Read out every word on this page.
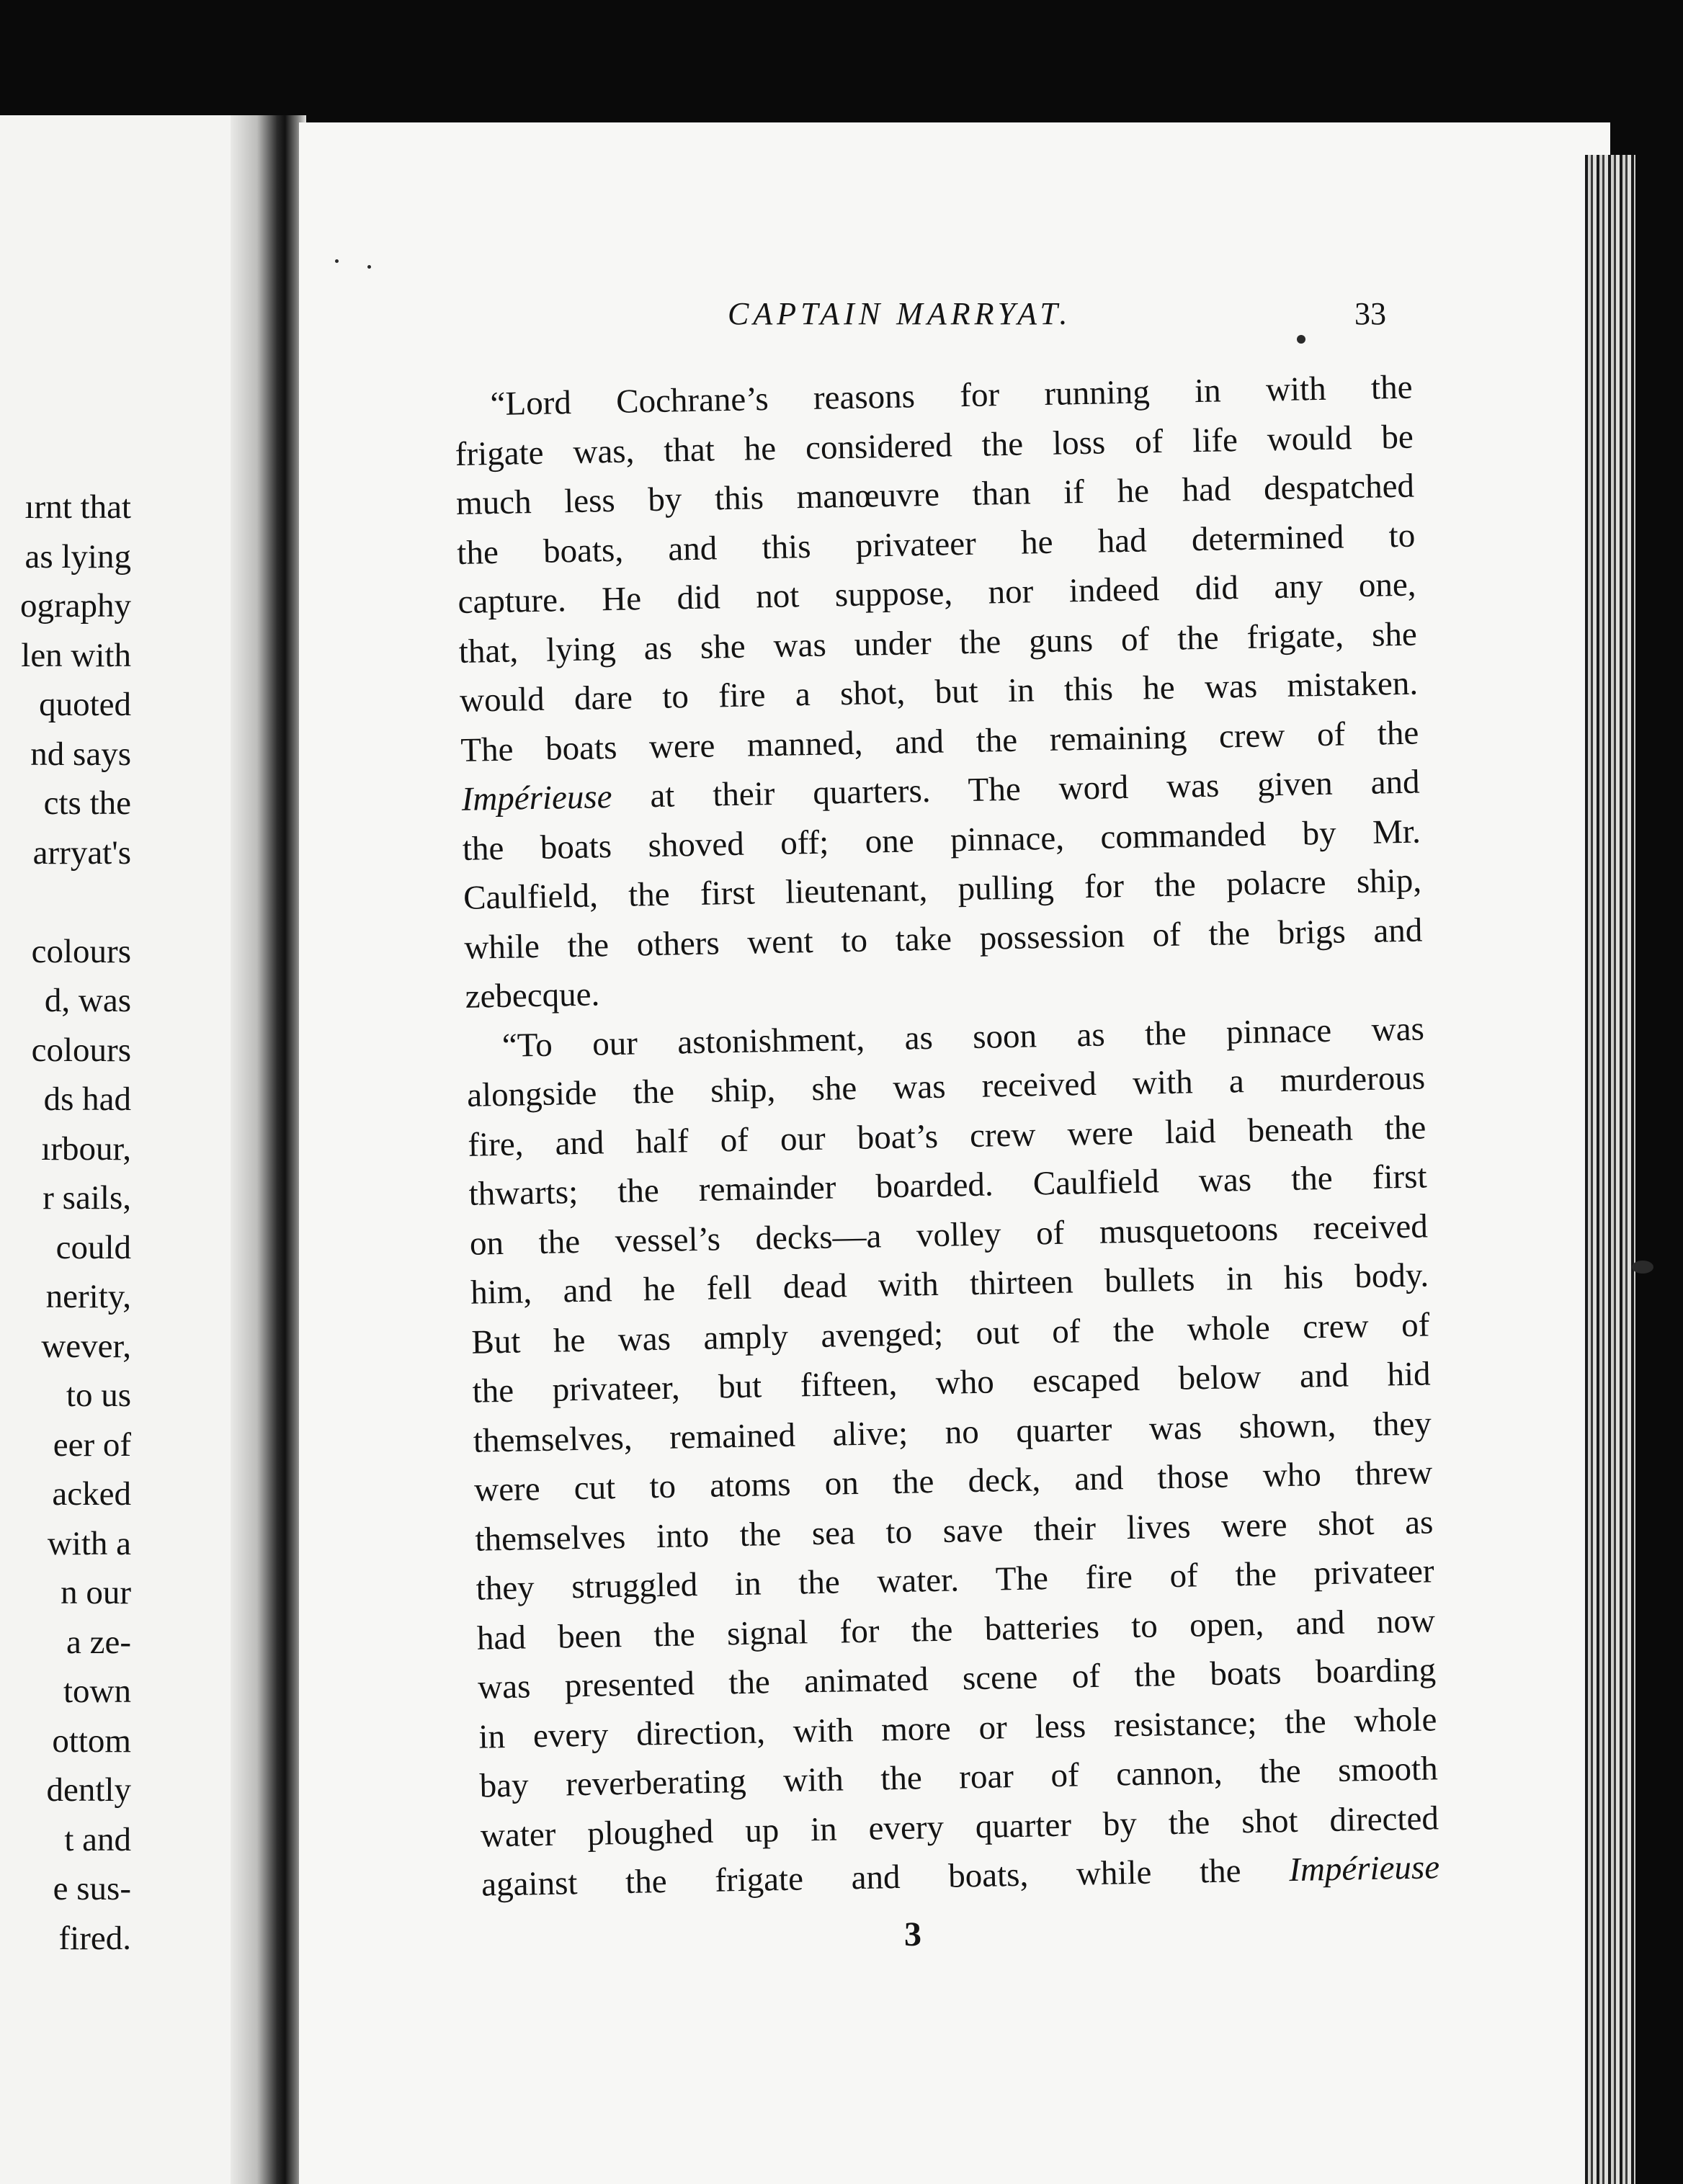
ırnt that
as lying
ography
len with
quoted
nd says
cts the
arryat's
colours
d, was
colours
ds had
ırbour,
r sails,
could
nerity,
wever,
to us
eer of
acked
with a
n our
a ze-
town
ottom
dently
t and
e sus-
fired.
CAPTAIN MARRYAT.	33
“Lord Cochrane’s reasons for running in with the
frigate was, that he considered the loss of life would be
much less by this manœuvre than if he had despatched
the boats, and this privateer he had determined to
capture. He did not suppose, nor indeed did any one,
that, lying as she was under the guns of the frigate, she
would dare to fire a shot, but in this he was mistaken.
The boats were manned, and the remaining crew of the
Impérieuse at their quarters. The word was given and
the boats shoved off; one pinnace, commanded by Mr.
Caulfield, the first lieutenant, pulling for the polacre ship,
while the others went to take possession of the brigs and
zebecque.
“To our astonishment, as soon as the pinnace was
alongside the ship, she was received with a murderous
fire, and half of our boat’s crew were laid beneath the
thwarts; the remainder boarded. Caulfield was the first
on the vessel’s decks—a volley of musquetoons received
him, and he fell dead with thirteen bullets in his body.
But he was amply avenged; out of the whole crew of
the privateer, but fifteen, who escaped below and hid
themselves, remained alive; no quarter was shown, they
were cut to atoms on the deck, and those who threw
themselves into the sea to save their lives were shot as
they struggled in the water. The fire of the privateer
had been the signal for the batteries to open, and now
was presented the animated scene of the boats boarding
in every direction, with more or less resistance; the whole
bay reverberating with the roar of cannon, the smooth
water ploughed up in every quarter by the shot directed
against the frigate and boats, while the Impérieuse
3
